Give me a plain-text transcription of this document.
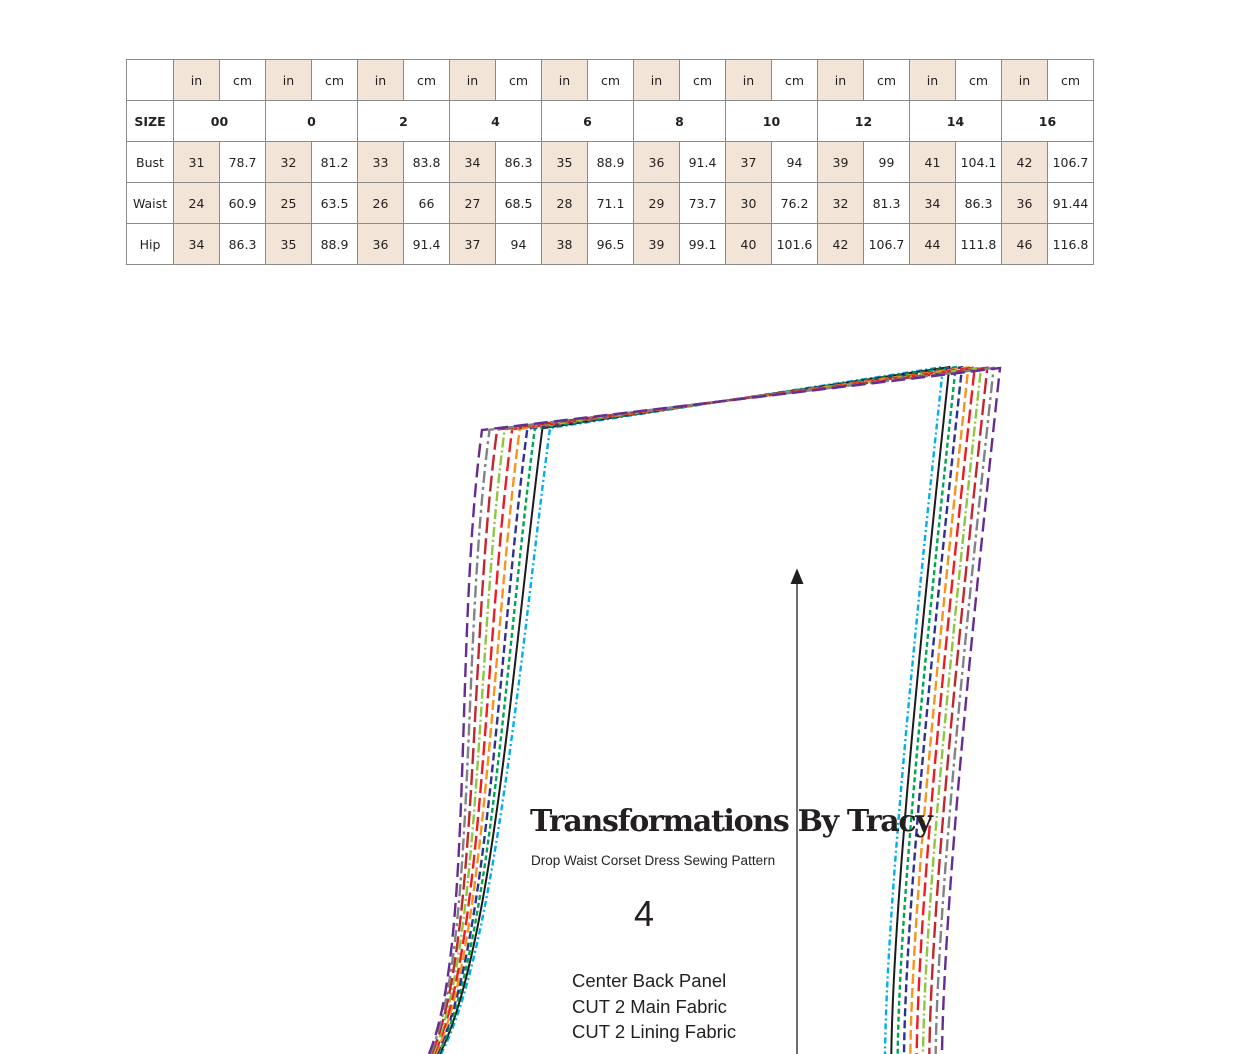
	in	cm	in	cm	in	cm	in	cm	in	cm	in	cm	in	cm	in	cm	in	cm	in	cm
SIZE	00		0		2		4		6		8		10		12		14		16	
Bust	31	78.7	32	81.2	33	83.8	34	86.3	35	88.9	36	91.4	37	94	39	99	41	104.1	42	106.7
Waist	24	60.9	25	63.5	26	66	27	68.5	28	71.1	29	73.7	30	76.2	32	81.3	34	86.3	36	91.44
Hip	34	86.3	35	88.9	36	91.4	37	94	38	96.5	39	99.1	40	101.6	42	106.7	44	111.8	46	116.8
Transformations By Tracy

Drop Waist Corset Dress Sewing Pattern

4

Center Back Panel
CUT 2 Main Fabric
CUT 2 Lining Fabric
